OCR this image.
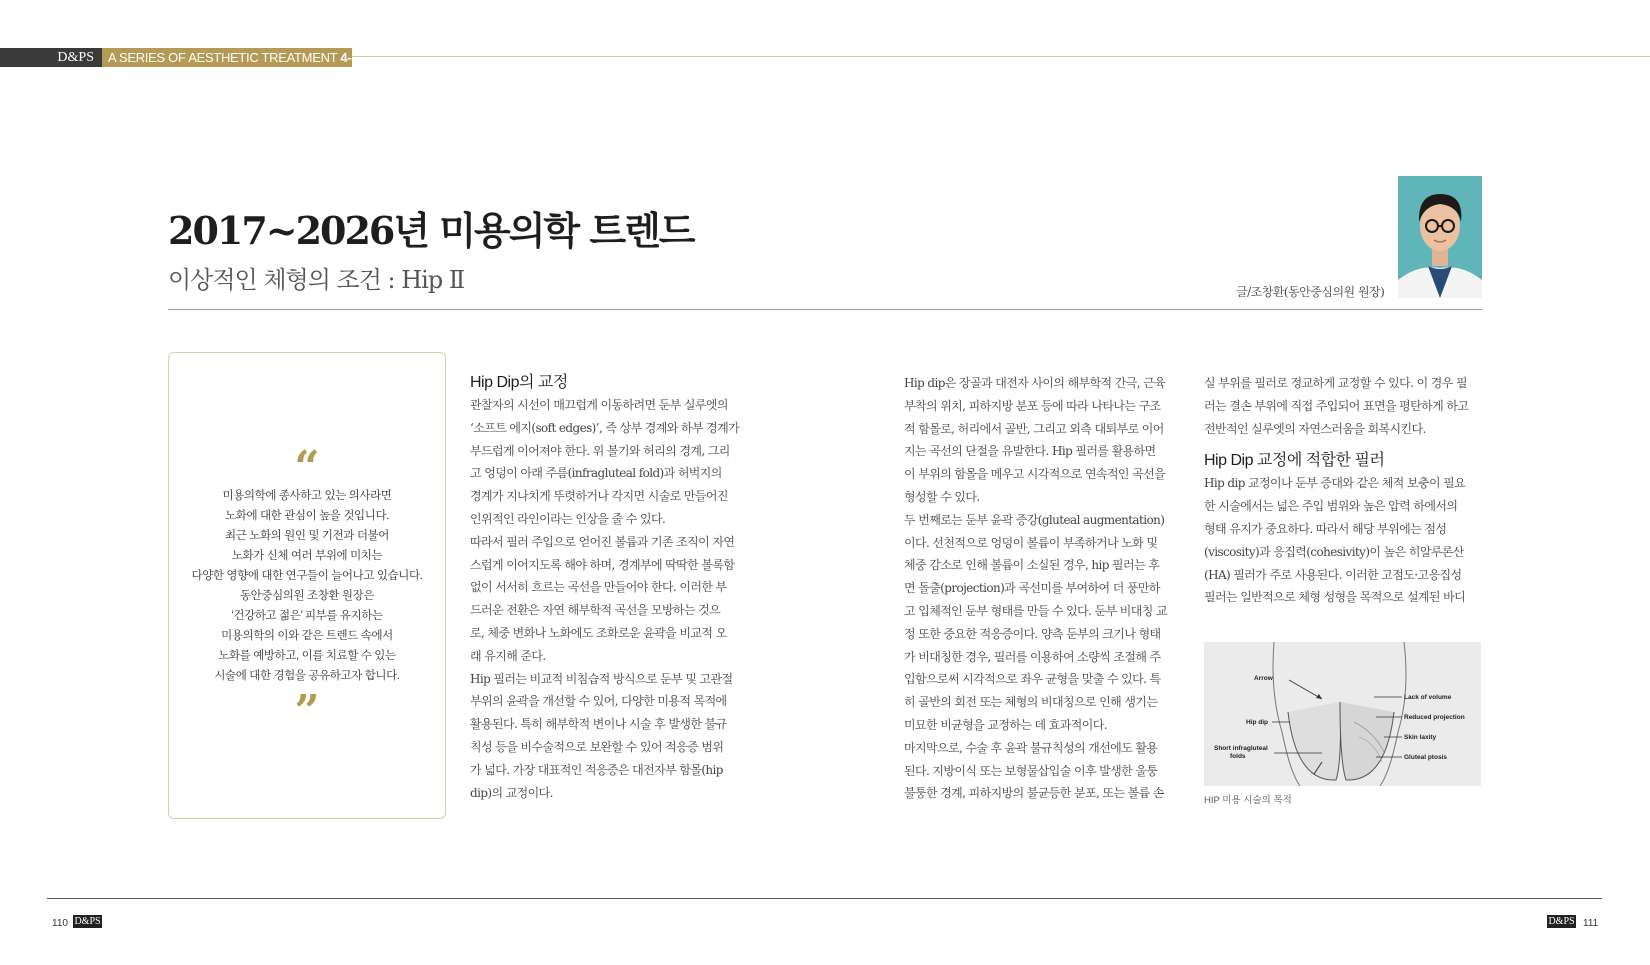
D&PS	A SERIES OF AESTHETIC TREATMENT 4-112
2017~2026년 미용의학 트렌드
이상적인 체형의 조건 : Hip Ⅱ	글/조창환(동안중심의원 원장)
“
미용의학에 종사하고 있는 의사라면
노화에 대한 관심이 높을 것입니다.
최근 노화의 원인 및 기전과 더불어
노화가 신체 여러 부위에 미치는
다양한 영향에 대한 연구들이 늘어나고 있습니다.
동안중심의원 조창환 원장은
‘건강하고 젊은’ 피부를 유지하는
미용의학의 이와 같은 트렌드 속에서
노화를 예방하고, 이를 치료할 수 있는
시술에 대한 경험을 공유하고자 합니다.
”
Hip Dip의 교정

관찰자의 시선이 매끄럽게 이동하려면 둔부 실루엣의

‘소프트 에지(soft edges)’, 즉 상부 경계와 하부 경계가

부드럽게 이어져야 한다. 위 볼기와 허리의 경계, 그리

고 엉덩이 아래 주름(infragluteal fold)과 허벅지의

경계가 지나치게 뚜렷하거나 각지면 시술로 만들어진

인위적인 라인이라는 인상을 줄 수 있다.

따라서 필러 주입으로 얻어진 볼륨과 기존 조직이 자연

스럽게 이어지도록 해야 하며, 경계부에 딱딱한 볼록함

없이 서서히 흐르는 곡선을 만들어야 한다. 이러한 부

드러운 전환은 자연 해부학적 곡선을 모방하는 것으

로, 체중 변화나 노화에도 조화로운 윤곽을 비교적 오

래 유지해 준다.

Hip 필러는 비교적 비침습적 방식으로 둔부 및 고관절

부위의 윤곽을 개선할 수 있어, 다양한 미용적 목적에

활용된다. 특히 해부학적 변이나 시술 후 발생한 불규

칙성 등을 비수술적으로 보완할 수 있어 적응증 범위

가 넓다. 가장 대표적인 적응증은 대전자부 함몰(hip

dip)의 교정이다.

Hip dip은 장골과 대전자 사이의 해부학적 간극, 근육

부착의 위치, 피하지방 분포 등에 따라 나타나는 구조

적 함몰로, 허리에서 골반, 그리고 외측 대퇴부로 이어

지는 곡선의 단절을 유발한다. Hip 필러를 활용하면

이 부위의 함몰을 메우고 시각적으로 연속적인 곡선을

형성할 수 있다.

두 번째로는 둔부 윤곽 증강(gluteal augmentation)

이다. 선천적으로 엉덩이 볼륨이 부족하거나 노화 및

체중 감소로 인해 볼륨이 소실된 경우, hip 필러는 후

면 돌출(projection)과 곡선미를 부여하여 더 풍만하

고 입체적인 둔부 형태를 만들 수 있다. 둔부 비대칭 교

정 또한 중요한 적응증이다. 양측 둔부의 크기나 형태

가 비대칭한 경우, 필러를 이용하여 소량씩 조절해 주

입함으로써 시각적으로 좌우 균형을 맞출 수 있다. 특

히 골반의 회전 또는 체형의 비대칭으로 인해 생기는

미묘한 비균형을 교정하는 데 효과적이다.

마지막으로, 수술 후 윤곽 불규칙성의 개선에도 활용

된다. 지방이식 또는 보형물삽입술 이후 발생한 울퉁

불퉁한 경계, 피하지방의 불균등한 분포, 또는 볼륨 손

실 부위를 필러로 정교하게 교정할 수 있다. 이 경우 필

러는 결손 부위에 직접 주입되어 표면을 평탄하게 하고

전반적인 실루엣의 자연스러움을 회복시킨다.

Hip Dip 교정에 적합한 필러

Hip dip 교정이나 둔부 증대와 같은 체적 보충이 필요

한 시술에서는 넓은 주입 범위와 높은 압력 하에서의

형태 유지가 중요하다. 따라서 해당 부위에는 점성

(viscosity)과 응집력(cohesivity)이 높은 히알루론산

(HA) 필러가 주로 사용된다. 이러한 고점도·고응집성

필러는 일반적으로 체형 성형을 목적으로 설계된 바디

Arrow
Hip dip
Short infragluteal
folds
Lack of volume
Reduced projection
Skin laxity
Gluteal ptosis
HIP 미용 시술의 목적
110 D&PS	D&PS 111
